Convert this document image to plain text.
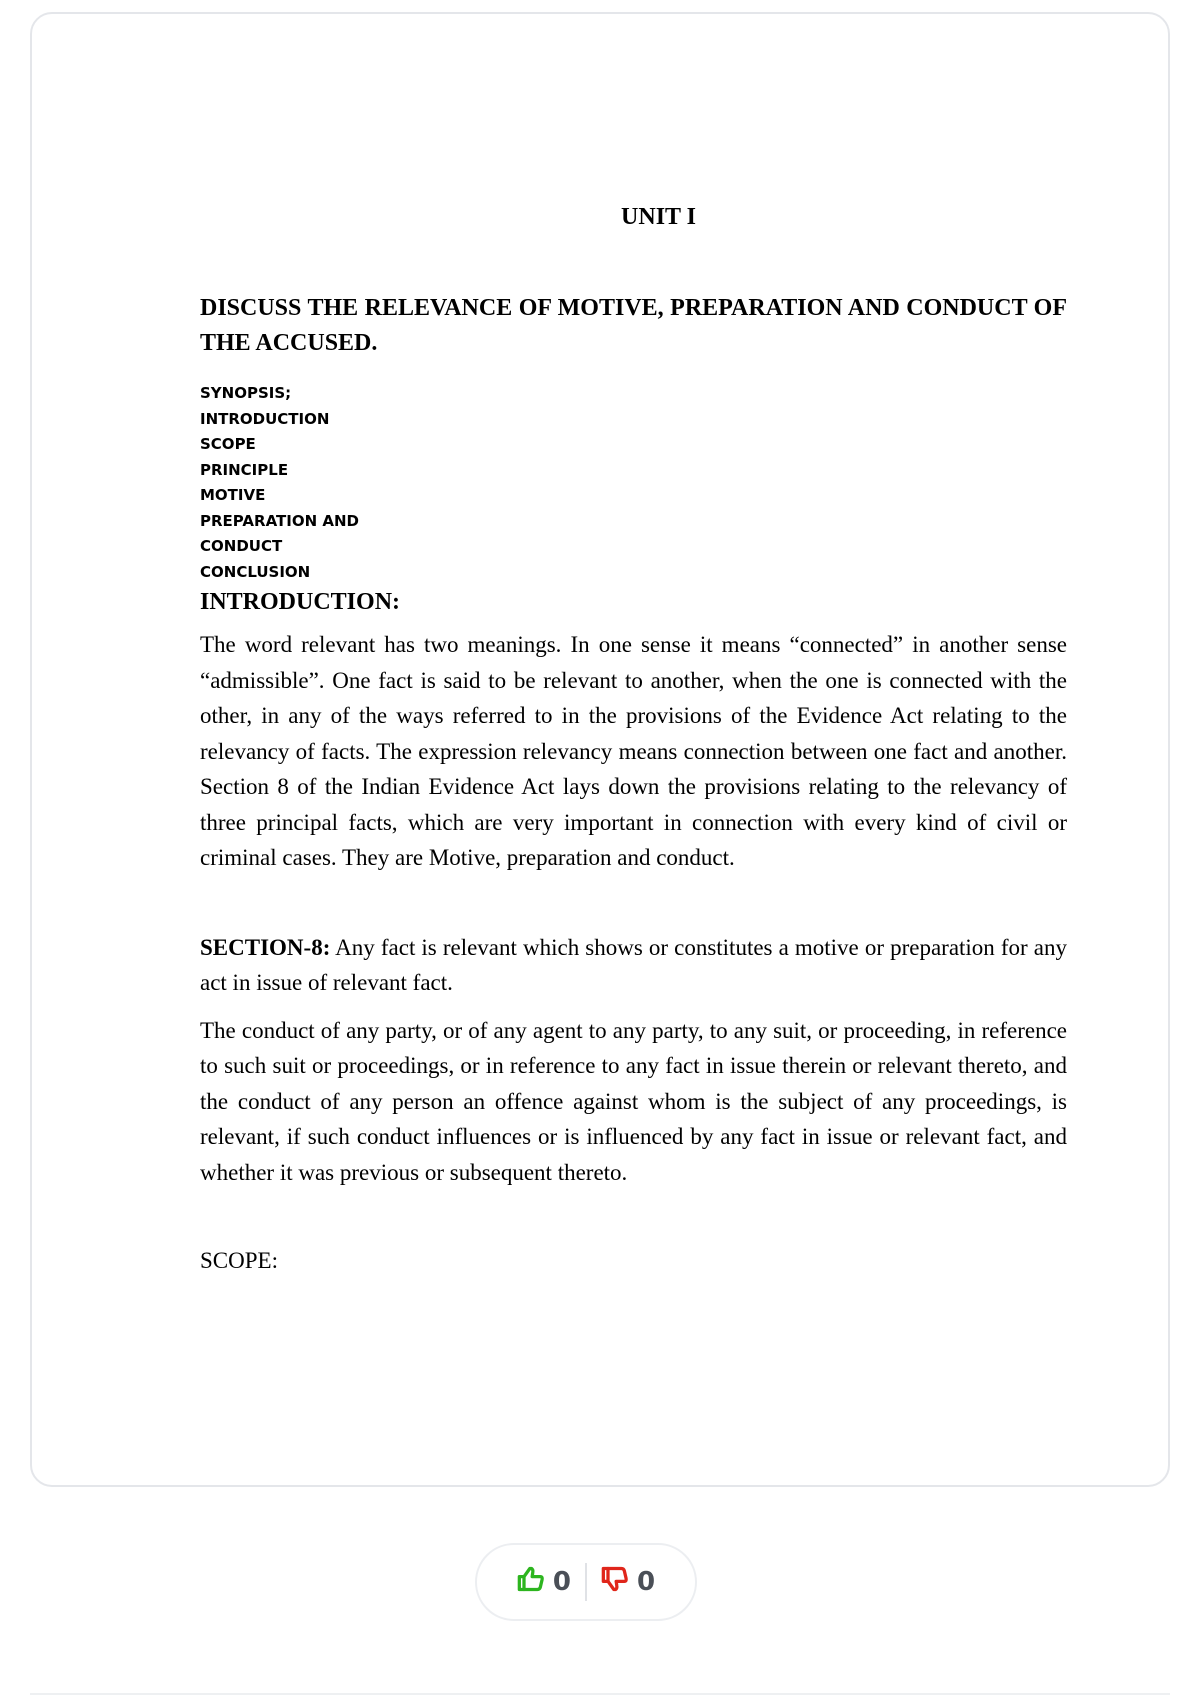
UNIT I
DISCUSS THE RELEVANCE OF MOTIVE, PREPARATION AND CONDUCT OF THE ACCUSED.
SYNOPSIS;
INTRODUCTION
SCOPE
PRINCIPLE
MOTIVE
PREPARATION AND
CONDUCT
CONCLUSION
INTRODUCTION:

The word relevant has two meanings. In one sense it means “connected” in another sense “admissible”. One fact is said to be relevant to another, when the one is connected with the other, in any of the ways referred to in the provisions of the Evidence Act relating to the relevancy of facts. The expression relevancy means connection between one fact and another. Section 8 of the Indian Evidence Act lays down the provisions relating to the relevancy of three principal facts, which are very important in connection with every kind of civil or criminal cases. They are Motive, preparation and conduct.

SECTION-8: Any fact is relevant which shows or constitutes a motive or preparation for any act in issue of relevant fact.

The conduct of any party, or of any agent to any party, to any suit, or proceeding, in reference to such suit or proceedings, or in reference to any fact in issue therein or relevant thereto, and the conduct of any person an offence against whom is the subject of any proceedings, is relevant, if such conduct influences or is influenced by any fact in issue or relevant fact, and whether it was previous or subsequent thereto.

SCOPE:
0	0
